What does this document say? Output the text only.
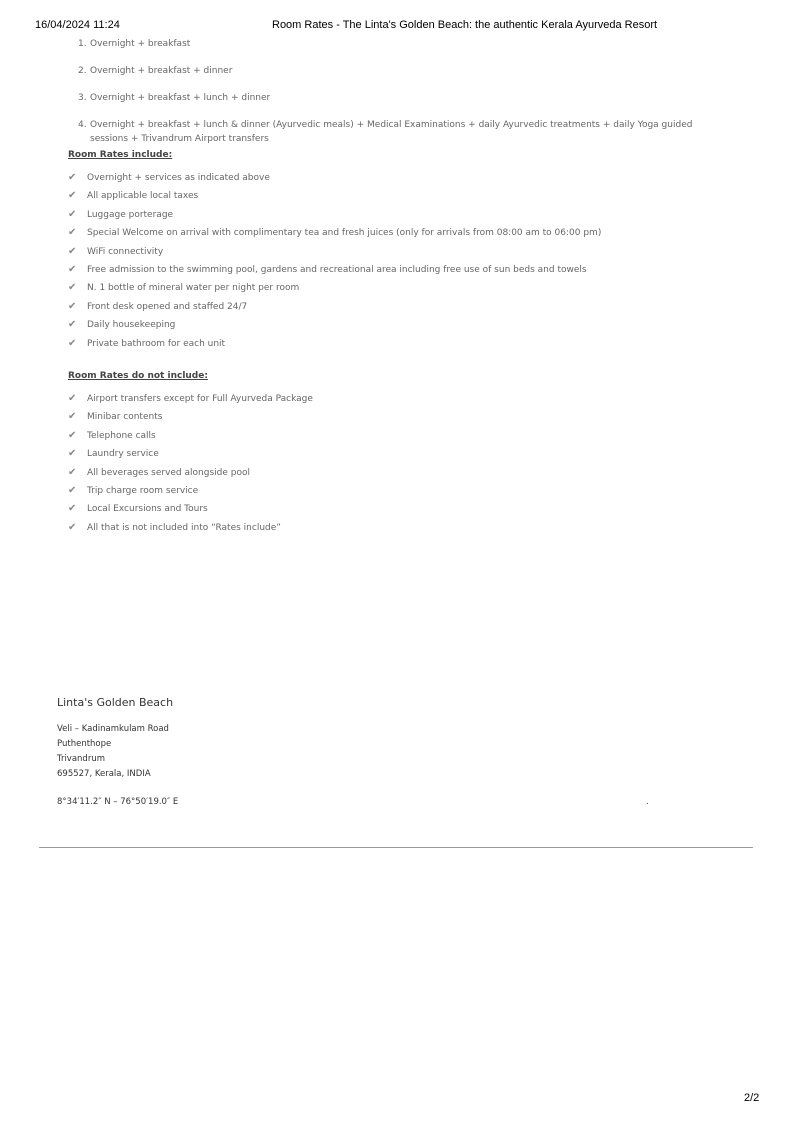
16/04/2024 11:24	Room Rates - The Linta's Golden Beach: the authentic Kerala Ayurveda Resort
1. Overnight + breakfast
2. Overnight + breakfast + dinner
3. Overnight + breakfast + lunch + dinner
4. Overnight + breakfast + lunch & dinner (Ayurvedic meals) + Medical Examinations + daily Ayurvedic treatments + daily Yoga guided sessions + Trivandrum Airport transfers
Room Rates include:
✔	Overnight + services as indicated above
✔	All applicable local taxes
✔	Luggage porterage
✔	Special Welcome on arrival with complimentary tea and fresh juices (only for arrivals from 08:00 am to 06:00 pm)
✔	WiFi connectivity
✔	Free admission to the swimming pool, gardens and recreational area including free use of sun beds and towels
✔	N. 1 bottle of mineral water per night per room
✔	Front desk opened and staffed 24/7
✔	Daily housekeeping
✔	Private bathroom for each unit
Room Rates do not include:
✔	Airport transfers except for Full Ayurveda Package
✔	Minibar contents
✔	Telephone calls
✔	Laundry service
✔	All beverages served alongside pool
✔	Trip charge room service
✔	Local Excursions and Tours
✔	All that is not included into “Rates include”
Linta's Golden Beach
Veli – Kadinamkulam Road
Puthenthope
Trivandrum
695527, Kerala, INDIA
8°34′11.2″ N – 76°50′19.0″ E	.
2/2
